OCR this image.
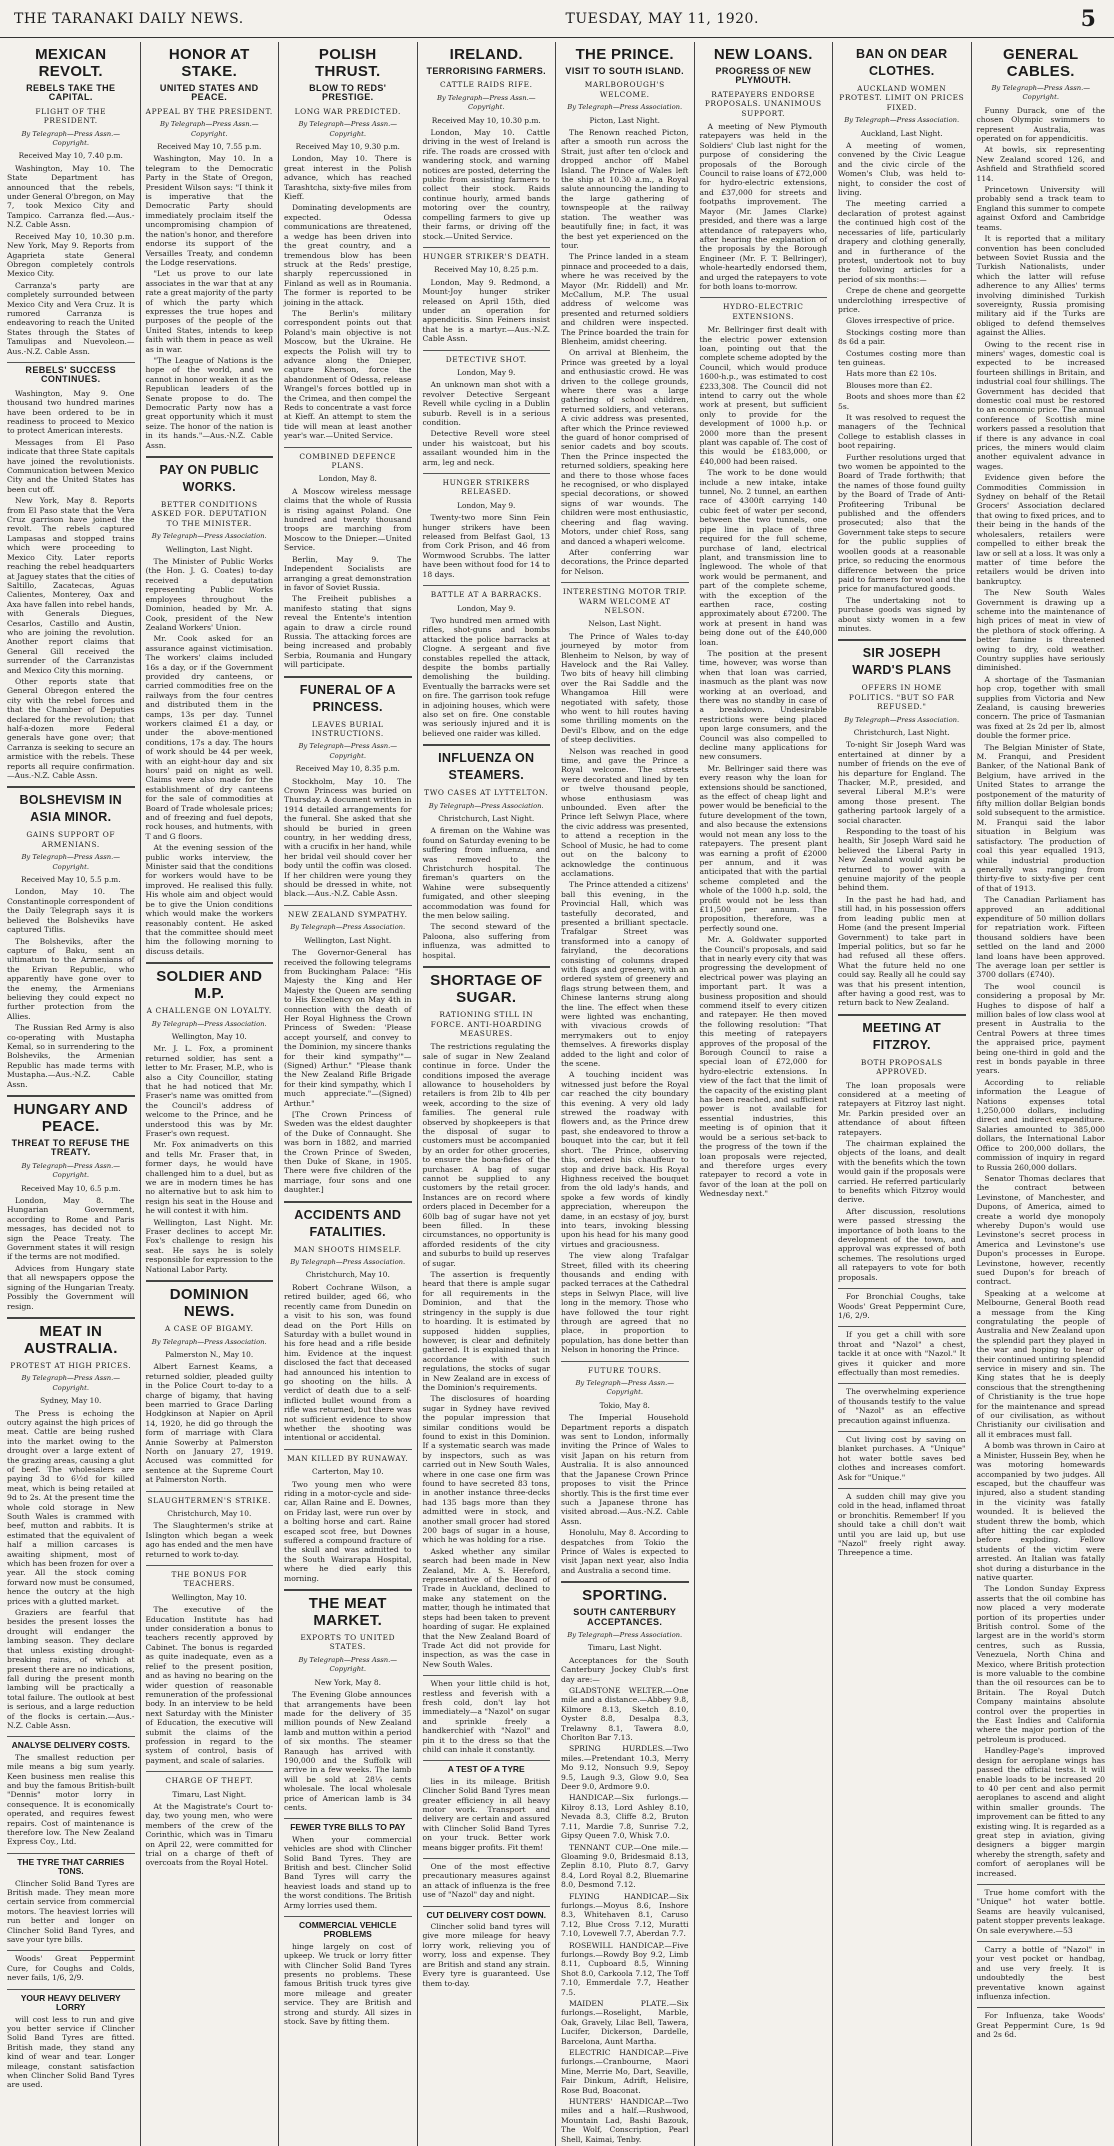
THE TARANAKI DAILY NEWS.	TUESDAY, MAY 11, 1920.	5
MEXICAN REVOLT.
REBELS TAKE THE CAPITAL.
FLIGHT OF THE PRESIDENT.
By Telegraph—Press Assn.—Copyright.
Received May 10, 7.40 p.m.

Washington, May 10. The State Department has announced that the rebels, under General O'bregon, on May 7, took Mexico City and Tampico. Carranza fled.—Aus.-N.Z. Cable Assn.

Received May 10, 10.30 p.m. New York, May 9. Reports from Agaprieta state General Obregon completely controls Mexico City.

Carranza's party are completely surrounded between Mexico City and Vera Cruz. It is rumored Carranza is endeavoring to reach the United States through the States of Tamulipas and Nuevoleon.—Aus.-N.Z. Cable Assn.

REBELS' SUCCESS CONTINUES.

Washington, May 9. One thousand two hundred marines have been ordered to be in readiness to proceed to Mexico to protect American interests.

Messages from El Paso indicate that three State capitals have joined the revolutionists. Communication between Mexico City and the United States has been cut off.

New York, May 8. Reports from El Paso state that the Vera Cruz garrison have joined the revolt. The rebels captured Lampasas and stopped trains which were proceeding to Mexico City. Later reports reaching the rebel headquarters at Jaguey states that the cities of Saltillo, Zacatecas, Aguas Calientes, Monterey, Oax and Axa have fallen into rebel hands, with Generals Diegues, Cesarlos, Castillo and Austin, who are joining the revolution. Another report claims that General Gill received the surrender of the Carranzistas and Mexico City this morning.

Other reports state that General Obregon entered the city with the rebel forces and that the Chamber of Deputies declared for the revolution; that half-a-dozen more Federal generals have gone over; that Carranza is seeking to secure an armistice with the rebels. These reports all require confirmation.—Aus.-N.Z. Cable Assn.

BOLSHEVISM IN ASIA MINOR.
GAINS SUPPORT OF ARMENIANS.
By Telegraph—Press Assn.—Copyright.
Received May 10, 5.5 p.m.

London, May 10. The Constantinople correspondent of the Daily Telegraph says it is believed the Bolsheviks have captured Tiflis.

The Bolsheviks, after the capture of Baku, sent an ultimatum to the Armenians of the Erivan Republic, who apparently have gone over to the enemy, the Armenians believing they could expect no further protection from the Allies.

The Russian Red Army is also co-operating with Mustapha Kemal, so in surrendering to the Bolsheviks, the Armenian Republic has made terms with Mustapha.—Aus.-N.Z. Cable Assn.

HUNGARY AND PEACE.
THREAT TO REFUSE THE TREATY.
By Telegraph—Press Assn.—Copyright.
Received May 10, 6.5 p.m.

London, May 8. The Hungarian Government, according to Rome and Paris messages, has decided not to sign the Peace Treaty. The Government states it will resign if the terms are not modified.

Advices from Hungary state that all newspapers oppose the signing of the Hungarian Treaty. Possibly the Government will resign.

MEAT IN AUSTRALIA.
PROTEST AT HIGH PRICES.
By Telegraph—Press Assn.—Copyright.
Sydney, May 10.

The Press is echoing the outcry against the high prices of meat. Cattle are being rushed into the market owing to the drought over a large extent of the grazing areas, causing a glut of beef. The wholesalers are paying 3d to 6½d for killed meat, which is being retailed at 9d to 2s. At the present time the whole cold storage in New South Wales is crammed with beef, mutton and rabbits. It is estimated that the equivalent of half a million carcases is awaiting shipment, most of which has been frozen for over a year. All the stock coming forward now must be consumed, hence the outcry at the high prices with a glutted market.

Graziers are fearful that besides the present losses the drought will endanger the lambing season. They declare that unless existing drought-breaking rains, of which at present there are no indications, fall during the present month lambing will be practically a total failure. The outlook at best is serious, and a large reduction of the flocks is certain.—Aus.-N.Z. Cable Assn.

ANALYSE DELIVERY COSTS.

The smallest reduction per mile means a big sum yearly. Keen business men realise this and buy the famous British-built "Dennis" motor lorry in consequence. It is economically operated, and requires fewest repairs. Cost of maintenance is therefore low. The New Zealand Express Coy., Ltd.

THE TYRE THAT CARRIES TONS.

Clincher Solid Band Tyres are British made. They mean more certain service from commercial motors. The heaviest lorries will run better and longer on Clincher Solid Band Tyres, and save your tyre bills.

Woods' Great Peppermint Cure, for Coughs and Colds, never fails, 1/6, 2/9.

YOUR HEAVY DELIVERY LORRY

will cost less to run and give you better service if Clincher Solid Band Tyres are fitted. British made, they stand any kind of wear and tear. Longer mileage, constant satisfaction when Clincher Solid Band Tyres are used.

HONOR AT STAKE.
UNITED STATES AND PEACE.
APPEAL BY THE PRESIDENT.
By Telegraph—Press Assn.—Copyright.
Received May 10, 7.55 p.m.

Washington, May 10. In a telegram to the Democratic Party in the State of Oregon, President Wilson says: "I think it is imperative that the Democratic Party should immediately proclaim itself the uncompromising champion of the nation's honor, and therefore endorse its support of the Versailles Treaty, and condemn the Lodge reservations.

"Let us prove to our late associates in the war that at any rate a great majority of the party of which the party which expresses the true hopes and purposes of the people of the United States, intends to keep faith with them in peace as well as in war.

"The League of Nations is the hope of the world, and we cannot in honor weaken it as the Republican leaders of the Senate propose to do. The Democratic Party now has a great opportunity which it must seize. The honor of the nation is in its hands."—Aus.-N.Z. Cable Assn.

PAY ON PUBLIC WORKS.
BETTER CONDITIONS ASKED FOR. DEPUTATION TO THE MINISTER.
By Telegraph—Press Association.
Wellington, Last Night.

The Minister of Public Works (the Hon. J. G. Coates) to-day received a deputation representing Public Works employees throughout the Dominion, headed by Mr. A. Cook, president of the New Zealand Workers' Union.

Mr. Cook asked for an assurance against victimisation. The workers' claims included 16s a day, or if the Government provided dry canteens, or carried commodities free on the railways from the four centres and distributed them in the camps, 13s per day. Tunnel workers claimed £1 a day, or under the above-mentioned conditions, 17s a day. The hours of work should be 44 per week, with an eight-hour day and six hours' paid on night as well. Claims were also made for the establishment of dry canteens for the sale of commodities at Board of Trade wholesale prices; and of freezing and fuel depots, rock houses, and hutments, with T and G floors.

At the evening session of the public works interview, the Minister said that the conditions for workers would have to be improved. He realised this fully. His whole aim and object would be to give the Union conditions which would make the workers reasonably content. He asked that the committee should meet him the following morning to discuss details.

SOLDIER AND M.P.
A CHALLENGE ON LOYALTY.
By Telegraph—Press Association.
Wellington, May 10.

Mr. J. L. Fox, a prominent returned soldier, has sent a letter to Mr. Fraser, M.P., who is also a City Councillor, stating that he had noticed that Mr. Fraser's name was omitted from the Council's address of welcome to the Prince, and he understood this was by Mr. Fraser's own request.

Mr. Fox animadverts on this and tells Mr. Fraser that, in former days, he would have challenged him to a duel, but as we are in modern times he has no alternative but to ask him to resign his seat in the House and he will contest it with him.

Wellington, Last Night. Mr. Fraser declines to accept Mr. Fox's challenge to resign his seat. He says he is solely responsible for expression to the National Labor Party.

DOMINION NEWS.
A CASE OF BIGAMY.
By Telegraph—Press Association.
Palmerston N., May 10.

Albert Earnest Keams, a returned soldier, pleaded guilty in the Police Court to-day to a charge of bigamy, that having been married to Grace Darling Hodgkinson at Napier on April 14, 1920, he did go through the form of marriage with Clara Annie Sowerby at Palmerston North on January 27, 1919. Accused was committed for sentence at the Supreme Court at Palmerston North.

SLAUGHTERMEN'S STRIKE.
Christchurch, May 10.

The Slaughtermen's strike at Islington which began a week ago has ended and the men have returned to work to-day.

THE BONUS FOR TEACHERS.
Wellington, May 10.

The executive of the Education Institute has had under consideration a bonus to teachers recently approved by Cabinet. The bonus is regarded as quite inadequate, even as a relief to the present position, and as having no bearing on the wider question of reasonable remuneration of the professional body. In an interview to be held next Saturday with the Minister of Education, the executive will submit the claims of the profession in regard to the system of control, basis of payment, and scale of salaries.

CHARGE OF THEFT.
Timaru, Last Night.

At the Magistrate's Court to-day, two young men, who were members of the crew of the Corinthic, which was in Timaru on April 22, were committed for trial on a charge of theft of overcoats from the Royal Hotel.

POLISH THRUST.
BLOW TO REDS' PRESTIGE.
LONG WAR PREDICTED.
By Telegraph—Press Assn.—Copyright.
Received May 10, 9.30 p.m.

London, May 10. There is great interest in the Polish advance, which has reached Tarashtcha, sixty-five miles from Kieff.

Dominating developments are expected. Odessa communications are threatened, a wedge has been driven into the great country, and a tremendous blow has been struck at the Reds' prestige, sharply repercussioned in Finland as well as in Roumania. The former is reported to be joining in the attack.

The Berlin's military correspondent points out that Poland's main objective is not Moscow, but the Ukraine. He expects the Polish will try to advance along the Dnieper, capture Kherson, force the abandonment of Odessa, release Wrangel's forces bottled up in the Crimea, and then compel the Reds to concentrate a vast force at Kieff. An attempt to stem the tide will mean at least another year's war.—United Service.

COMBINED DEFENCE PLANS.
London, May 8.

A Moscow wireless message claims that the whole of Russia is rising against Poland. One hundred and twenty thousand troops are marching from Moscow to the Dnieper.—United Service.

Berlin, May 9. The Independent Socialists are arranging a great demonstration in favor of Soviet Russia.

The Freiheit publishes a manifesto stating that signs reveal the Entente's intention again to draw a circle round Russia. The attacking forces are being increased and probably Serbia, Roumania and Hungary will participate.

FUNERAL OF A PRINCESS.
LEAVES BURIAL INSTRUCTIONS.
By Telegraph—Press Assn.—Copyright.
Received May 10, 8.35 p.m.

Stockholm, May 10. The Crown Princess was buried on Thursday. A document written in 1914 detailed arrangements for the funeral. She asked that she should be buried in green country, in her wedding dress, with a crucifix in her hand, while her bridal veil should cover her body until the coffin was closed. If her children were young they should be dressed in white, not black.—Aus.-N.Z. Cable Assn.

NEW ZEALAND SYMPATHY.
By Telegraph—Press Association.
Wellington, Last Night.

The Governor-General has received the following telegrams from Buckingham Palace: "His Majesty the King and Her Majesty the Queen are sending to His Excellency on May 4th in connection with the death of Her Royal Highness the Crown Princess of Sweden: 'Please accept yourself, and convey to the Dominion, my sincere thanks for their kind sympathy'"—(Signed) Arthur." "Please thank the New Zealand Rifle Brigade for their kind sympathy, which I much appreciate."—(Signed) Arthur."

[The Crown Princess of Sweden was the eldest daughter of the Duke of Connaught. She was born in 1882, and married the Crown Prince of Sweden, then Duke of Skane, in 1905. There were five children of the marriage, four sons and one daughter.]

ACCIDENTS AND FATALITIES.
MAN SHOOTS HIMSELF.
By Telegraph—Press Association.
Christchurch, May 10.

Robert Cochrane Wilson, a retired builder, aged 66, who recently came from Dunedin on a visit to his son, was found dead on the Port Hills on Saturday with a bullet wound in his fore head and a rifle beside him. Evidence at the inquest disclosed the fact that deceased had announced his intention to go shooting on the hills. A verdict of death due to a self-inflicted bullet wound from a rifle was returned, but there was not sufficient evidence to show whether the shooting was intentional or accidental.

MAN KILLED BY RUNAWAY.
Carterton, May 10.

Two young men who were riding in a motor-cycle and side-car, Allan Raine and E. Downes, on Friday last, were run over by a bolting horse and cart. Raine escaped scot free, but Downes suffered a compound fracture of the skull and was admitted to the South Wairarapa Hospital, where he died early this morning.

THE MEAT MARKET.
EXPORTS TO UNITED STATES.
By Telegraph—Press Assn.—Copyright.
New York, May 8.

The Evening Globe announces that arrangements have been made for the delivery of 35 million pounds of New Zealand lamb and mutton within a period of six months. The steamer Ranaugh has arrived with 190,000 and the Suffolk will arrive in a few weeks. The lamb will be sold at 28¼ cents wholesale. The local wholesale price of American lamb is 34 cents.

FEWER TYRE BILLS TO PAY

When your commercial vehicles are shod with Clincher Solid Band Tyres. They are British and best. Clincher Solid Band Tyres will carry the heaviest loads and stand up to the worst conditions. The British Army lorries used them.

COMMERCIAL VEHICLE PROBLEMS

hinge largely on cost of upkeep. We truck or lorry fitter with Clincher Solid Band Tyres presents no problems. These famous British truck tyres give more mileage and greater service. They are British and strong and sturdy. All sizes in stock. Save by fitting them.

IRELAND.
TERRORISING FARMERS.
CATTLE RAIDS RIFE.
By Telegraph—Press Assn.—Copyright.
Received May 10, 10.30 p.m.

London, May 10. Cattle driving in the west of Ireland is rife. The roads are crossed with wandering stock, and warning notices are posted, deterring the public from assisting farmers to collect their stock. Raids continue hourly, armed bands motoring over the country, compelling farmers to give up their farms, or driving off the stock.—United Service.

HUNGER STRIKER'S DEATH.
Received May 10, 8.25 p.m.

London, May 9. Redmond, a Mount-Joy hunger striker released on April 15th, died under an operation for appendicitis. Sinn Feiners insist that he is a martyr.—Aus.-N.Z. Cable Assn.

DETECTIVE SHOT.
London, May 9.

An unknown man shot with a revolver Detective Sergeant Revell while cycling in a Dublin suburb. Revell is in a serious condition.

Detective Revell wore steel under his waistcoat, but his assailant wounded him in the arm, leg and neck.

HUNGER STRIKERS RELEASED.
London, May 9.

Twenty-two more Sinn Fein hunger strikers have been released from Belfast Gaol, 13 from Cork Prison, and 46 from Wormwood Scrubbs. The latter have been without food for 14 to 18 days.

BATTLE AT A BARRACKS.
London, May 9.

Two hundred men armed with rifles, shot-guns and bombs attacked the police barracks at Clogne. A sergeant and five constables repelled the attack, despite the bombs partially demolishing the building. Eventually the barracks were set on fire. The garrison took refuge in adjoining houses, which were also set on fire. One constable was seriously injured and it is believed one raider was killed.

INFLUENZA ON STEAMERS.
TWO CASES AT LYTTELTON.
By Telegraph—Press Association.
Christchurch, Last Night.

A fireman on the Wahine was found on Saturday evening to be suffering from influenza, and was removed to the Christchurch hospital. The fireman's quarters on the Wahine were subsequently fumigated, and other sleeping accommodation was found for the men below sailing.

The second steward of the Paloona, also suffering from influenza, was admitted to hospital.

SHORTAGE OF SUGAR.
RATIONING STILL IN FORCE. ANTI-HOARDING MEASURES.

The restrictions regulating the sale of sugar in New Zealand continue in force. Under the conditions imposed the average allowance to householders by retailers is from 2lb to 4lb per week, according to the size of families. The general rule observed by shopkeepers is that the disposal of sugar to customers must be accompanied by an order for other groceries, to ensure the bona-fides of the purchaser. A bag of sugar cannot be supplied to any customers by the retail grocer. Instances are on record where orders placed in December for a 60lb bag of sugar have not yet been filled. In these circumstances, no opportunity is afforded residents of the city and suburbs to build up reserves of sugar.

The assertion is frequently heard that there is ample sugar for all requirements in the Dominion, and that the stringency in the supply is due to hoarding. It is estimated by supposed hidden supplies, however, is clear and definitely gathered. It is explained that in accordance with such regulations, the stocks of sugar in New Zealand are in excess of the Dominion's requirements.

The disclosures of hoarding sugar in Sydney have revived the popular impression that similar conditions would be found to exist in this Dominion. If a systematic search was made by inspectors, such as was carried out in New South Wales, where in one case one firm was found to have secreted 83 tons, in another instance three-decks had 135 bags more than they admitted were in stock, and another small grocer had stored 200 bags of sugar in a house, which he was holding for a rise.

Asked whether any similar search had been made in New Zealand, Mr. A. S. Hereford, representative of the Board of Trade in Auckland, declined to make any statement on the matter, though he intimated that steps had been taken to prevent hoarding of sugar. He explained that the New Zealand Board of Trade Act did not provide for inspection, as was the case in New South Wales.

When your little child is hot, restless and feverish with a fresh cold, don't lay hot immediately—a "Nazol" on sugar and sprinkle freely a handkerchief with "Nazol" and pin it to the dress so that the child can inhale it constantly.

A TEST OF A TYRE

lies in its mileage. British Clincher Solid Band Tyres mean greater efficiency in all heavy motor work. Transport and delivery are certain and assured with Clincher Solid Band Tyres on your truck. Better work means bigger profits. Fit them!

One of the most effective precautionary measures against an attack of influenza is the free use of "Nazol" day and night.

CUT DELIVERY COST DOWN.

Clincher solid band tyres will give more mileage for heavy lorry work, relieving you of worry, loss and expense. They are British and stand any strain. Every tyre is guaranteed. Use them to-day.

THE PRINCE.
VISIT TO SOUTH ISLAND.
MARLBOROUGH'S WELCOME.
By Telegraph—Press Association.
Picton, Last Night.

The Renown reached Picton, after a smooth run across the Strait, just after ten o'clock and dropped anchor off Mabel Island. The Prince of Wales left the ship at 10.30 a.m., a Royal salute announcing the landing to the large gathering of townspeople at the railway station. The weather was beautifully fine; in fact, it was the best yet experienced on the tour.

The Prince landed in a steam pinnace and proceeded to a dais, where he was received by the Mayor (Mr. Riddell) and Mr. McCallum, M.P. The usual address of welcome was presented and returned soldiers and children were inspected. The Prince boarded the train for Blenheim, amidst cheering.

On arrival at Blenheim, the Prince was greeted by a loyal and enthusiastic crowd. He was driven to the college grounds, where there was a large gathering of school children, returned soldiers, and veterans. A civic address was presented, after which the Prince reviewed the guard of honor comprised of senior cadets and boy scouts. Then the Prince inspected the returned soldiers, speaking here and there to those whose faces he recognised, or who displayed special decorations, or showed signs of war wounds. The children were most enthusiastic, cheering and flag waving. Motors, under chief Ross, sang and danced a whaperi welcome.

After conferring war decorations, the Prince departed for Nelson.

INTERESTING MOTOR TRIP. WARM WELCOME AT NELSON.
Nelson, Last Night.

The Prince of Wales to-day journeyed by motor from Blenheim to Nelson, by way of Havelock and the Rai Valley. Two bits of heavy hill climbing over the Rai Saddle and the Whangamoa Hill were negotiated with safety, those who went to hill routes having some thrilling moments on the Devil's Elbow, and on the edge of steep declivities.

Nelson was reached in good time, and gave the Prince a Royal welcome. The streets were decorated and lined by ten or twelve thousand people, whose enthusiasm was unbounded. Even after the Prince left Selwyn Place, where the civic address was presented, to attend a reception in the School of Music, he had to come out on the balcony to acknowledge the continuous acclamations.

The Prince attended a citizens' ball this evening, in the Provincial Hall, which was tastefully decorated, and presented a brilliant spectacle. Trafalgar Street was transformed into a canopy of fairyland, the decorations consisting of columns draped with flags and greenery, with an ordered system of greenery and flags strung between them, and Chinese lanterns strung along the line. The effect when these were lighted was enchanting, with vivacious crowds of merrymakers out to enjoy themselves. A fireworks display added to the light and color of the scene.

A touching incident was witnessed just before the Royal car reached the city boundary this evening. A very old lady strewed the roadway with flowers and, as the Prince drew past, she endeavored to throw a bouquet into the car, but it fell short. The Prince, observing this, ordered his chauffeur to stop and drive back. His Royal Highness received the bouquet from the old lady's hands, and spoke a few words of kindly appreciation, whereupon the dame, in an ecstasy of joy, burst into tears, invoking blessing upon his head for his many good virtues and graciousness.

The view along Trafalgar Street, filled with its cheering thousands and ending with packed terraces at the Cathedral steps in Selwyn Place, will live long in the memory. Those who have followed the tour right through are agreed that no place, in proportion to population, has done better than Nelson in honoring the Prince.

FUTURE TOURS.
By Telegraph—Press Assn.—Copyright.
Tokio, May 8.

The Imperial Household Department reports a dispatch was sent to London, informally inviting the Prince of Wales to visit Japan on his return from Australia. It is also announced that the Japanese Crown Prince proposes to visit the Prince shortly. This is the first time ever such a Japanese throne has visited abroad.—Aus.-N.Z. Cable Assn.

Honolulu, May 8. According to despatches from Tokio the Prince of Wales is expected to visit Japan next year, also India and Australia a second time.

SPORTING.
SOUTH CANTERBURY ACCEPTANCES.
By Telegraph—Press Association.
Timaru, Last Night.

Acceptances for the South Canterbury Jockey Club's first day are:—

GLADSTONE WELTER.—One mile and a distance.—Abbey 9.8, Kilmore 8.13, Sketch 8.10, Oyster 8.8, Desalpa 8.3, Trelawny 8.1, Tawera 8.0, Chorlton Bar 7.13.

SPRING HURDLES.—Two miles.—Pretendant 10.3, Merry Mo 9.12, Nonsuch 9.9, Sepoy 9.5, Laugh 9.3, Glow 9.0, Sea Deer 9.0, Ardmore 9.0.

HANDICAP.—Six furlongs.—Kilroy 8.13, Lord Ashley 8.10, Nevada 8.3, Cliffe 8.2, Bruton 7.11, Mardie 7.8, Sunrise 7.2, Gipsy Queen 7.0, Whisk 7.0.

TENNANT CUP.—One mile.—Gloaming 9.0, Bridesmaid 8.13, Zeplin 8.10, Pluto 8.7, Garvy 8.4, Lord Royal 8.2, Bluemarine 8.0, Desmond 7.12.

FLYING HANDICAP.—Six furlongs.—Moyus 8.6, Inshore 8.3, Whitehaven 8.1, Caruso 7.12, Blue Cross 7.12, Muratti 7.10, Lovewell 7.7, Aberdan 7.7.

ROSEWILL HANDICAP.—Five furlongs.—Rowdy Boy 9.2, Limb 8.11, Cupboard 8.5, Winning Shot 8.0, Carkoola 7.12, The Toff 7.10, Emmerdale 7.7, Heather 7.5.

MAIDEN PLATE.—Six furlongs.—Roselight, Marble, Oak, Gravely, Lilac Bell, Tawera, Lucifer, Dickerson, Dardelle, Barcelona, Aunt Martha.

ELECTRIC HANDICAP.—Five furlongs.—Cranbourne, Maori Mine, Merrie Mo, Dart, Seaville, Fair Dinkum, Adrift, Helisire, Rose Bud, Boaconat.

HUNTERS' HANDICAP.—Two miles and a half.—Rushwood, Mountain Lad, Bashi Bazouk, The Wolf, Conscription, Pearl Shell, Kaimai, Tenby.

NEW LOANS.
PROGRESS OF NEW PLYMOUTH.
RATEPAYERS ENDORSE PROPOSALS. UNANIMOUS SUPPORT.

A meeting of New Plymouth ratepayers was held in the Soldiers' Club last night for the purpose of considering the proposals of the Borough Council to raise loans of £72,000 for hydro-electric extensions, and £37,000 for streets and footpaths improvement. The Mayor (Mr. James Clarke) presided, and there was a large attendance of ratepayers who, after hearing the explanation of the proposals by the Borough Engineer (Mr. F. T. Bellringer), whole-heartedly endorsed them, and urged the ratepayers to vote for both loans to-morrow.

HYDRO-ELECTRIC EXTENSIONS.

Mr. Bellringer first dealt with the electric power extension loan, pointing out that the complete scheme adopted by the Council, which would produce 1600-h.p., was estimated to cost £233,308. The Council did not intend to carry out the whole work at present, but sufficient only to provide for the development of 1000 h.p. or 2000 more than the present plant was capable of. The cost of this would be £183,000, or £40,000 had been raised.

The work to be done would include a new intake, intake tunnel, No. 2 tunnel, an earthen race of 4300ft carrying 140 cubic feet of water per second, between the two tunnels, one pipe line in place of three required for the full scheme, purchase of land, electrical plant, and transmission line to Inglewood. The whole of that work would be permanent, and part of the complete scheme, with the exception of the earthen race, costing approximately about £7200. The work at present in hand was being done out of the £40,000 loan.

The position at the present time, however, was worse than when that loan was carried, inasmuch as the plant was now working at an overload, and there was no standby in case of a breakdown. Undesirable restrictions were being placed upon large consumers, and the Council was also compelled to decline many applications for new consumers.

Mr. Bellringer said there was every reason why the loan for extensions should be sanctioned, as the effect of cheap light and power would be beneficial to the future development of the town, and also because the extensions would not mean any loss to the ratepayers. The present plant was earning a profit of £2000 per annum, and it was anticipated that with the partial scheme completed and the whole of the 1000 h.p. sold, the profit would not be less than £11,500 per annum. The proposition, therefore, was a perfectly sound one.

Mr. A. Goldwater supported the Council's proposals, and said that in nearly every city that was progressing the development of electrical power was playing an important part. It was a business proposition and should commend itself to every citizen and ratepayer. He then moved the following resolution: "That this meeting of ratepayers approves of the proposal of the Borough Council to raise a special loan of £72,000 for hydro-electric extensions. In view of the fact that the limit of the capacity of the existing plant has been reached, and sufficient power is not available for essential industries, this meeting is of opinion that it would be a serious set-back to the progress of the town if the loan proposals were rejected, and therefore urges every ratepayer to record a vote in favor of the loan at the poll on Wednesday next."

BAN ON DEAR CLOTHES.
AUCKLAND WOMEN PROTEST. LIMIT ON PRICES FIXED.
By Telegraph—Press Association.
Auckland, Last Night.

A meeting of women, convened by the Civic League and the civic circle of the Women's Club, was held to-night, to consider the cost of living.

The meeting carried a declaration of protest against the continued high cost of the necessaries of life, particularly drapery and clothing generally, and in furtherance of the protest, undertook not to buy the following articles for a period of six months:—

Crepe de chene and georgette underclothing irrespective of price.

Gloves irrespective of price.

Stockings costing more than 8s 6d a pair.

Costumes costing more than ten guineas.

Hats more than £2 10s.

Blouses more than £2.

Boots and shoes more than £2 5s.

It was resolved to request the managers of the Technical College to establish classes in boot repairing.

Further resolutions urged that two women be appointed to the Board of Trade forthwith; that the names of those found guilty by the Board of Trade of Anti-Profiteering Tribunal be published and the offenders prosecuted; also that the Government take steps to secure for the public supplies of woollen goods at a reasonable price, so reducing the enormous difference between the price paid to farmers for wool and the price for manufactured goods.

The undertaking not to purchase goods was signed by about sixty women in a few minutes.

SIR JOSEPH WARD'S PLANS
OFFERS IN HOME POLITICS. "BUT SO FAR REFUSED."
By Telegraph—Press Association.
Christchurch, Last Night.

To-night Sir Joseph Ward was entertained at dinner by a number of friends on the eve of his departure for England. The Thacker, M.P., presided, and several Liberal M.P.'s were among those present. The gathering partook largely of a social character.

Responding to the toast of his health, Sir Joseph Ward said he believed the Liberal Party in New Zealand would again be returned to power with a genuine majority of the people behind them.

In the past he had had, and still had, in his possession offers from leading public men at Home (and the present Imperial Government) to take part in Imperial politics, but so far he had refused all these offers. What the future held no one could say. Really all he could say was that his present intention, after having a good rest, was to return back to New Zealand.

MEETING AT FITZROY.
BOTH PROPOSALS APPROVED.

The loan proposals were considered at a meeting of ratepayers at Fitzroy last night. Mr. Parkin presided over an attendance of about fifteen ratepayers.

The chairman explained the objects of the loans, and dealt with the benefits which the town would gain if the proposals were carried. He referred particularly to benefits which Fitzroy would derive.

After discussion, resolutions were passed stressing the importance of both loans to the development of the town, and approval was expressed of both schemes. The resolutions urged all ratepayers to vote for both proposals.

For Bronchial Coughs, take Woods' Great Peppermint Cure, 1/6, 2/9.

If you get a chill with sore throat and "Nazol" a chest, tackle it at once with "Nazol." It gives it quicker and more effectually than most remedies.

The overwhelming experience of thousands testify to the value of "Nazol" as an effective precaution against influenza.

Cut living cost by saving on blanket purchases. A "Unique" hot water bottle saves bed clothes and increases comfort. Ask for "Unique."

A sudden chill may give you cold in the head, inflamed throat or bronchitis. Remember! If you should take a chill don't wait until you are laid up, but use "Nazol" freely right away. Threepence a time.

GENERAL CABLES.
By Telegraph—Press Assn.—Copyright.

Funny Durack, one of the chosen Olympic swimmers to represent Australia, was operated on for appendicitis.

At bowls, six representing New Zealand scored 126, and Ashfield and Strathfield scored 114.

Princetown University will probably send a track team to England this summer to compete against Oxford and Cambridge teams.

It is reported that a military convention has been concluded between Soviet Russia and the Turkish Nationalists, under which the latter will refuse adherence to any Allies' terms involving diminished Turkish sovereignty, Russia promising military aid if the Turks are obliged to defend themselves against the Allies.

Owing to the recent rise in miners' wages, domestic coal is expected to be increased fourteen shillings in Britain, and industrial coal four shillings. The Government has decided that domestic coal must be restored to an economic price. The annual conference of Scottish mine workers passed a resolution that if there is any advance in coal prices, the miners would claim another equivalent advance in wages.

Evidence given before the Commodities Commission in Sydney on behalf of the Retail Grocers' Association declared that owing to fixed prices, and to their being in the hands of the wholesalers, retailers were compelled to either break the law or sell at a loss. It was only a matter of time before the retailers would be driven into bankruptcy.

The New South Wales Government is drawing up a scheme into the maintenance of high prices of meat in view of the plethora of stock offering. A better famine is threatened owing to dry, cold weather. Country supplies have seriously diminished.

A shortage of the Tasmanian hop crop, together with small supplies from Victoria and New Zealand, is causing breweries concern. The price of Tasmanian was fixed at 2s 2d per lb, almost double the former price.

The Belgian Minister of State, M. Franqui, and President Banker, of the National Bank of Belgium, have arrived in the United States to arrange the postponement of the maturity of fifty million dollar Belgian bonds sold subsequent to the armistice. M. Franqui said the labor situation in Belgium was satisfactory. The production of coal this year equalled 1913, while industrial production generally was ranging from thirty-five to sixty-five per cent of that of 1913.

The Canadian Parliament has approved an additional expenditure of 50 million dollars for repatriation work. Fifteen thousand soldiers have been settled on the land and 2000 land loans have been approved. The average loan per settler is 3700 dollars (£740).

The wool council is considering a proposal by Mr. Hughes to dispose of half a million bales of low class wool at present in Australia to the Central Powers at three times the appraised price, payment being one-third in gold and the rest in bonds payable in three years.

According to reliable information the League of Nations expenses total 1,250,000 dollars, including direct and indirect expenditure. Salaries amounted to 385,000 dollars, the International Labor Office to 200,000 dollars, the commission of inquiry in regard to Russia 260,000 dollars.

Senator Thomas declares that the contract between Levinstone, of Manchester, and Dupons, of America, aimed to create a world dye monopoly whereby Dupon's would use Levinstone's secret process in America and Levinstone's use Dupon's processes in Europe. Levinstone, however, recently sued Dupon's for breach of contract.

Speaking at a welcome at Melbourne, General Booth read a message from the King congratulating the people of Australia and New Zealand upon the splendid part they played in the war and hoping to hear of their continued untiring splendid service in misery and sin. The King states that he is deeply conscious that the strengthening of Christianity is the true hope for the maintenance and spread of our civilisation, as without Christianity our civilisation and all it embraces must fall.

A bomb was thrown in Cairo at a Minister, Hussein Bey, when he was motoring homewards accompanied by two judges. All escaped, but the chauffeur was injured, also a student standing in the vicinity was fatally wounded. It is believed the student threw the bomb, which after hitting the car exploded before exploding. Fellow students of the victim were arrested. An Italian was fatally shot during a disturbance in the native quarter.

The London Sunday Express asserts that the oil combine has now placed a very moderate portion of its properties under British control. Some of the largest are in the world's storm centres, such as Russia, Venezuela, North China and Mexico, where British protection is more valuable to the combine than the oil resources can be to Britain. The Royal Dutch Company maintains absolute control over the properties in the East Indies and California where the major portion of the petroleum is produced.

Handley-Page's improved design for aeroplane wings has passed the official tests. It will enable loads to be increased 20 to 40 per cent and also permit aeroplanes to ascend and alight within smaller grounds. The improvement can be fitted to any existing wing. It is regarded as a great step in aviation, giving designers a bigger margin whereby the strength, safety and comfort of aeroplanes will be increased.

True home comfort with the "Unique" hot water bottle. Seams are heavily vulcanised, patent stopper prevents leakage. On sale everywhere.—53

Carry a bottle of "Nazol" in your vest pocket or handbag, and use very freely. It is undoubtedly the best preventative known against influenza infection.

For Influenza, take Woods' Great Peppermint Cure, 1s 9d and 2s 6d.
